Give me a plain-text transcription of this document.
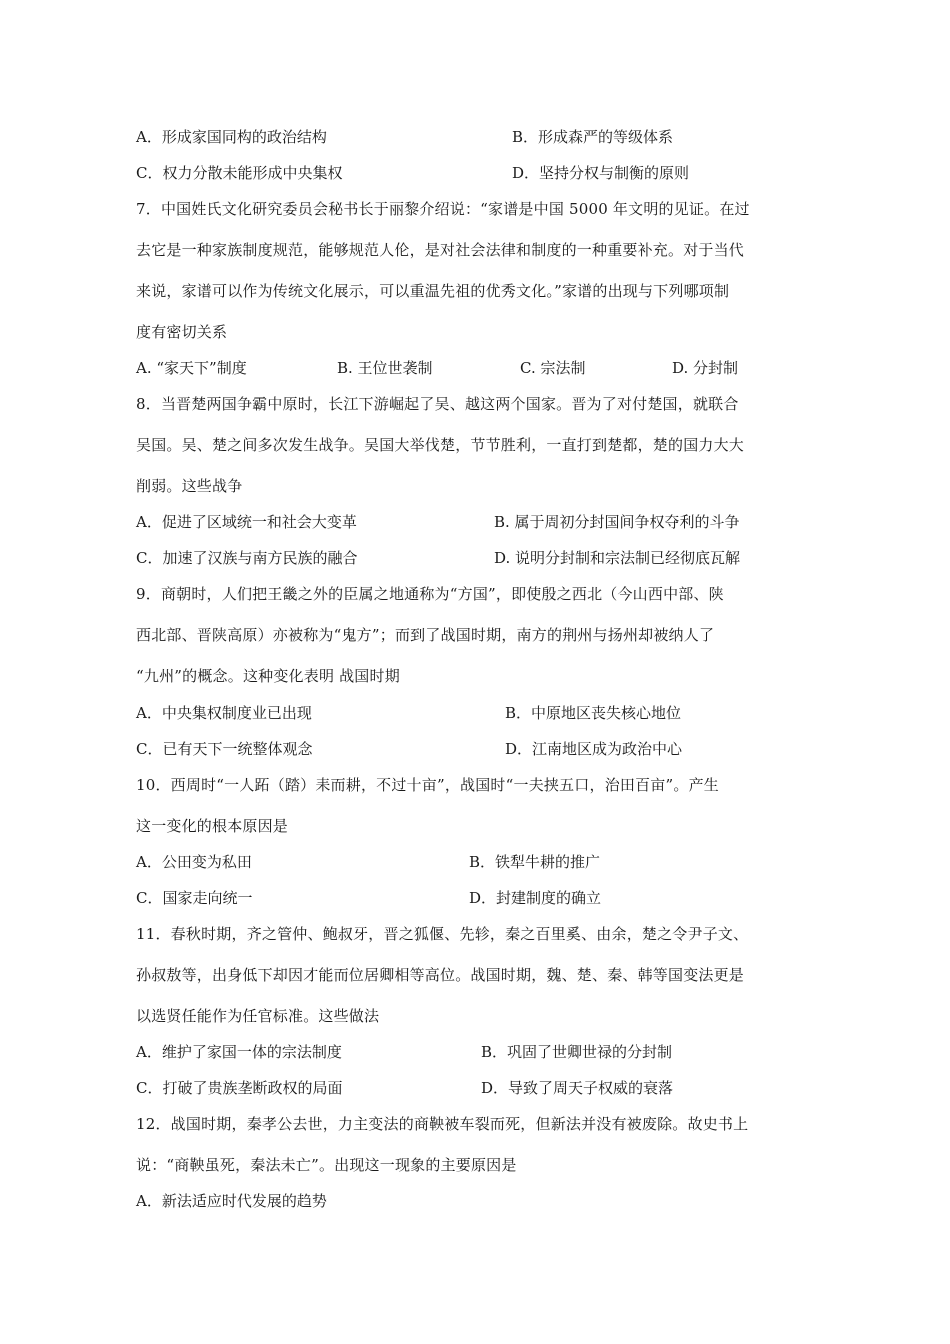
A．形成家国同构的政治结构	B．形成森严的等级体系
C．权力分散未能形成中央集权	D．坚持分权与制衡的原则
7．中国姓氏文化研究委员会秘书长于丽黎介绍说：“家谱是中国 5000 年文明的见证。在过
去它是一种家族制度规范，能够规范人伦，是对社会法律和制度的一种重要补充。对于当代
来说，家谱可以作为传统文化展示，可以重温先祖的优秀文化。”家谱的出现与下列哪项制
度有密切关系
A. “家天下”制度	B. 王位世袭制	C. 宗法制	D. 分封制
8．当晋楚两国争霸中原时，长江下游崛起了吴、越这两个国家。晋为了对付楚国，就联合
吴国。吴、楚之间多次发生战争。吴国大举伐楚，节节胜利，一直打到楚都，楚的国力大大
削弱。这些战争
A．促进了区域统一和社会大变革	B. 属于周初分封国间争权夺利的斗争
C．加速了汉族与南方民族的融合	D. 说明分封制和宗法制已经彻底瓦解
9．商朝时，人们把王畿之外的臣属之地通称为“方国”，即使殷之西北（今山西中部、陕
西北部、晋陕高原）亦被称为“鬼方”；而到了战国时期，南方的荆州与扬州却被纳人了
“九州”的概念。这种变化表明 战国时期
A．中央集权制度业已出现	B．中原地区丧失核心地位
C．已有天下一统整体观念	D．江南地区成为政治中心
10．西周时“一人跖（踏）耒而耕，不过十亩”，战国时“一夫挟五口，治田百亩”。产生
这一变化的根本原因是
A．公田变为私田	B．铁犁牛耕的推广
C．国家走向统一	D．封建制度的确立
11．春秋时期，齐之管仲、鲍叔牙，晋之狐偃、先轸，秦之百里奚、由余，楚之令尹子文、
孙叔敖等，出身低下却因才能而位居卿相等高位。战国时期，魏、楚、秦、韩等国变法更是
以选贤任能作为任官标准。这些做法
A．维护了家国一体的宗法制度	B．巩固了世卿世禄的分封制
C．打破了贵族垄断政权的局面	D．导致了周天子权威的衰落
12．战国时期，秦孝公去世，力主变法的商鞅被车裂而死，但新法并没有被废除。故史书上
说：“商鞅虽死，秦法未亡”。出现这一现象的主要原因是
A．新法适应时代发展的趋势
